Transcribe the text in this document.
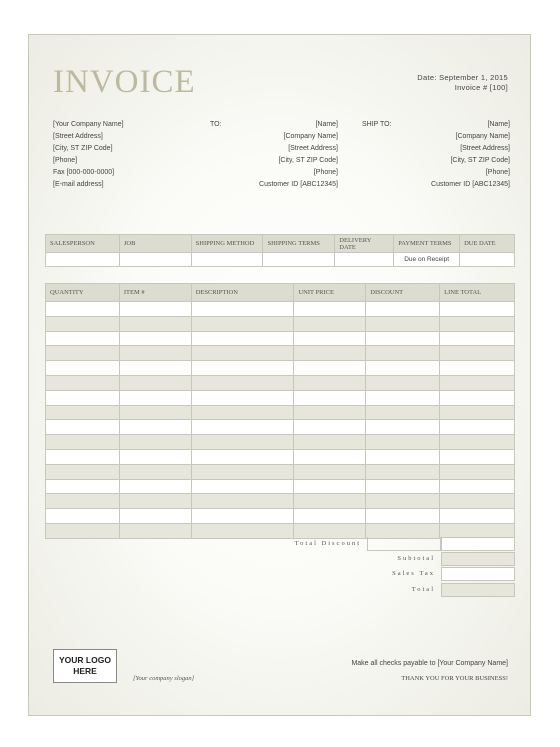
INVOICE	Date: September 1, 2015
Invoice # [100]
[Your Company Name]
[Street Address]
[City, ST ZIP Code]
[Phone]
Fax [000-000-0000]
[E-mail address]
TO:	[Name]
[Company Name]
[Street Address]
[City, ST ZIP Code]
[Phone]
Customer ID [ABC12345]
SHIP TO:	[Name]
[Company Name]
[Street Address]
[City, ST ZIP Code]
[Phone]
Customer ID [ABC12345]
SALESPERSON	JOB	SHIPPING METHOD	SHIPPING TERMS	DELIVERY DATE	PAYMENT TERMS	DUE DATE
					Due on Receipt	
QUANTITY	ITEM #	DESCRIPTION	UNIT PRICE	DISCOUNT	LINE TOTAL

Total Discount
Subtotal
Sales Tax
Total
YOUR LOGO
HERE
[Your company slogan]
Make all checks payable to [Your Company Name]
THANK YOU FOR YOUR BUSINESS!
